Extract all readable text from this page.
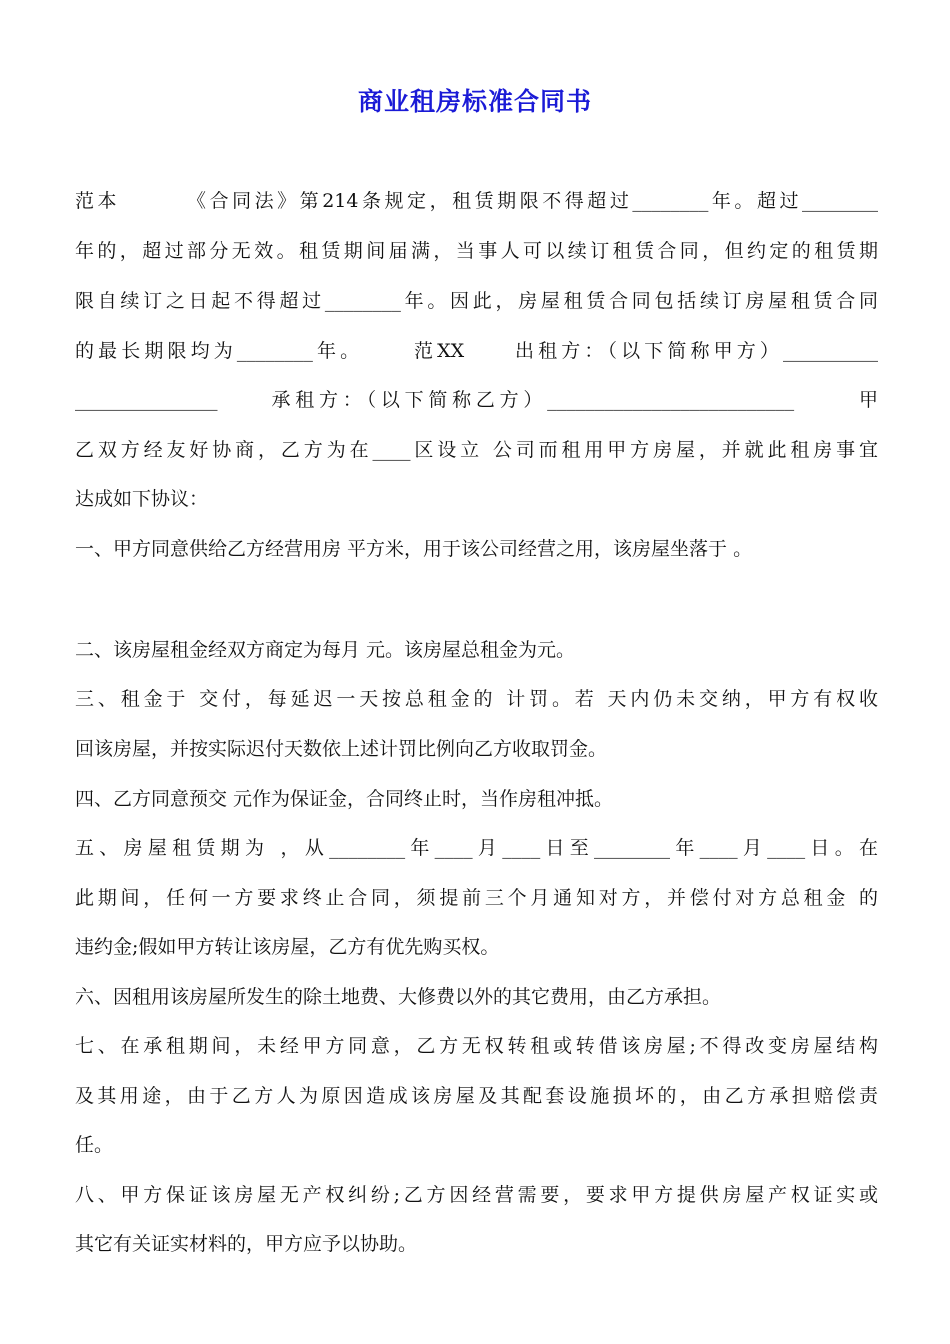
商业租房标准合同书
范本       《合同法》第214条规定，租赁期限不得超过________年。超过________
年的，超过部分无效。租赁期间届满，当事人可以续订租赁合同，但约定的租赁期
限自续订之日起不得超过________年。因此，房屋租赁合同包括续订房屋租赁合同
的最长期限均为________年。     范XX     出租方：（以下简称甲方）__________
_______________     承租方：（以下简称乙方）__________________________      甲
乙双方经友好协商，乙方为在____区设立 公司而租用甲方房屋，并就此租房事宜
达成如下协议：
一、甲方同意供给乙方经营用房 平方米，用于该公司经营之用，该房屋坐落于 。
二、该房屋租金经双方商定为每月 元。该房屋总租金为元。
三、租金于 交付，每延迟一天按总租金的 计罚。若 天内仍未交纳，甲方有权收
回该房屋，并按实际迟付天数依上述计罚比例向乙方收取罚金。
四、乙方同意预交 元作为保证金，合同终止时，当作房租冲抵。
五、房屋租赁期为 ，从________年____月____日至________年____月____日。在
此期间，任何一方要求终止合同，须提前三个月通知对方，并偿付对方总租金 的
违约金;假如甲方转让该房屋，乙方有优先购买权。
六、因租用该房屋所发生的除土地费、大修费以外的其它费用，由乙方承担。
七、在承租期间，未经甲方同意，乙方无权转租或转借该房屋;不得改变房屋结构
及其用途，由于乙方人为原因造成该房屋及其配套设施损坏的，由乙方承担赔偿责
任。
八、甲方保证该房屋无产权纠纷;乙方因经营需要，要求甲方提供房屋产权证实或
其它有关证实材料的，甲方应予以协助。
